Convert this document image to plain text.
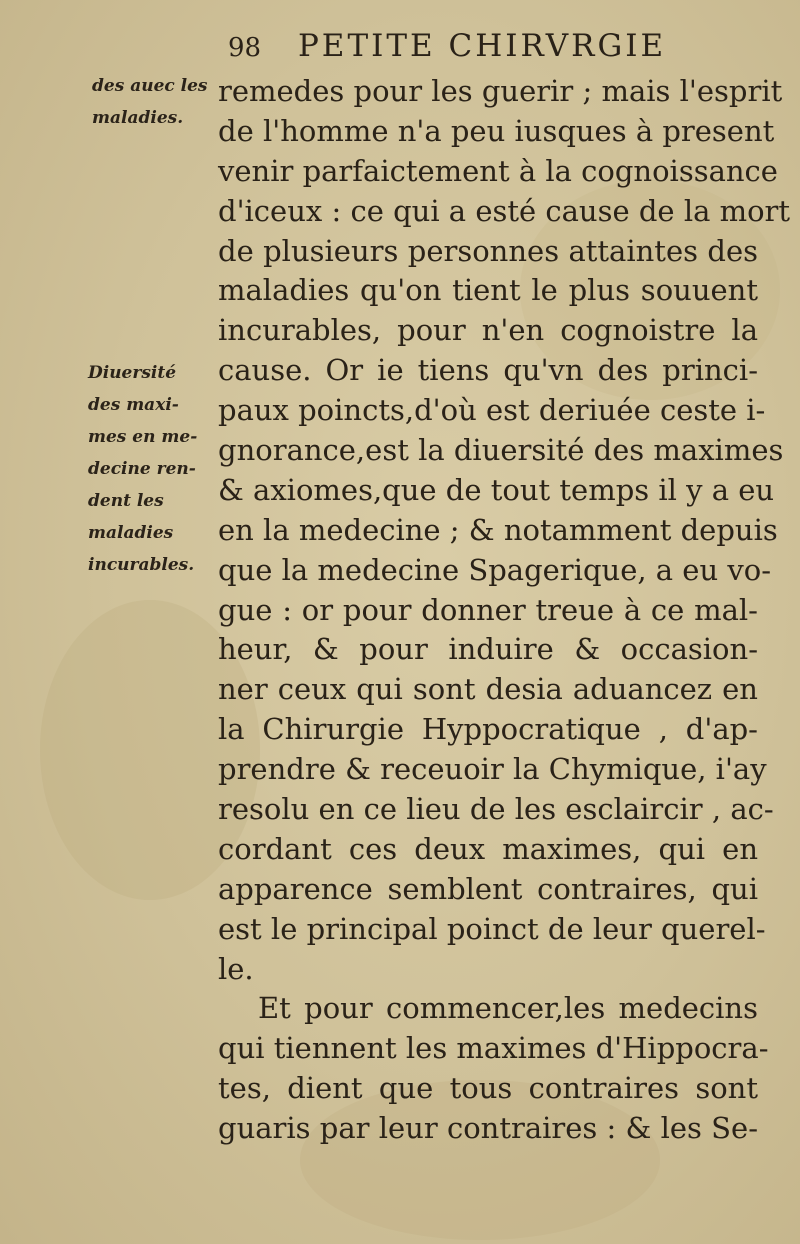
98 PETITE CHIRVRGIE
des auec les
maladies.
Diuersité
des maxi-
mes en me-
decine ren-
dent les
maladies
incurables.
remedes pour les guerir ; mais l'esprit
de l'homme n'a peu iusques à present
venir parfaictement à la cognoissance
d'iceux : ce qui a esté cause de la mort
de plusieurs personnes attaintes des
maladies qu'on tient le plus souuent
incurables, pour n'en cognoistre la
cause. Or ie tiens qu'vn des princi-
paux poincts,d'où est deriuée ceste i-
gnorance,est la diuersité des maximes
& axiomes,que de tout temps il y a eu
en la medecine ; & notamment depuis
que la medecine Spagerique, a eu vo-
gue : or pour donner treue à ce mal-
heur, & pour induire & occasion-
ner ceux qui sont desia aduancez en
la Chirurgie Hyppocratique , d'ap-
prendre & receuoir la Chymique, i'ay
resolu en ce lieu de les esclaircir , ac-
cordant ces deux maximes, qui en
apparence semblent contraires, qui
est le principal poinct de leur querel-
le.
Et pour commencer,les medecins
qui tiennent les maximes d'Hippocra-
tes, dient que tous contraires sont
guaris par leur contraires : & les Se-
